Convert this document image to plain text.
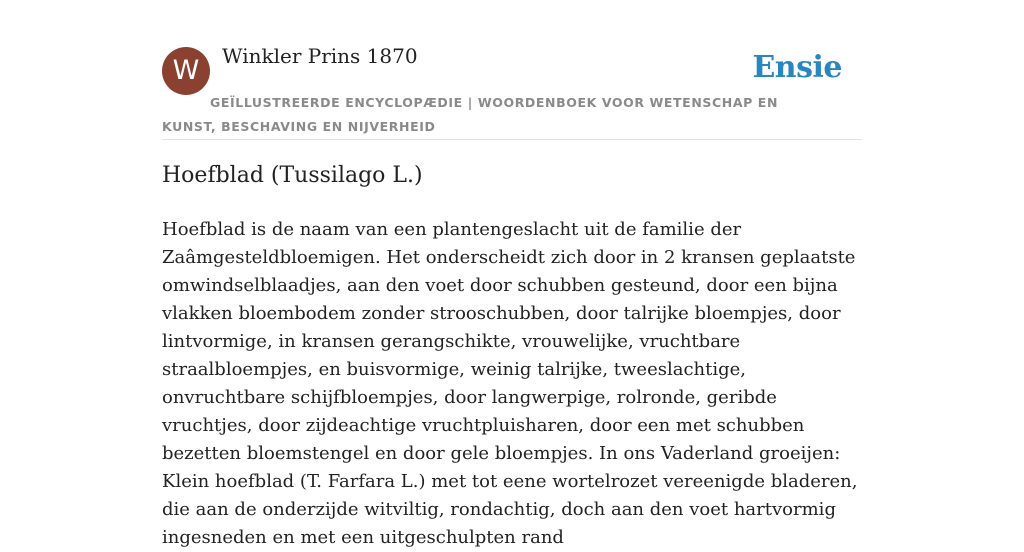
W	Winkler Prins 1870	Ensie
GEÏLLUSTREERDE ENCYCLOPÆDIE | WOORDENBOEK VOOR WETENSCHAP EN KUNST, BESCHAVING EN NIJVERHEID
Hoefblad (Tussilago L.)

Hoefblad is de naam van een plantengeslacht uit de familie der Zaâmgesteldbloemigen. Het onderscheidt zich door in 2 kransen geplaatste omwindselblaadjes, aan den voet door schubben gesteund, door een bijna vlakken bloembodem zonder strooschubben, door talrijke bloempjes, door lintvormige, in kransen gerangschikte, vrouwelijke, vruchtbare straalbloempjes, en buisvormige, weinig talrijke, tweeslachtige, onvruchtbare schijfbloempjes, door langwerpige, rolronde, geribde vruchtjes, door zijdeachtige vruchtpluisharen, door een met schubben bezetten bloemstengel en door gele bloempjes. In ons Vaderland groeijen: Klein hoefblad (T. Farfara L.) met tot eene wortelrozet vereenigde bladeren, die aan de onderzijde witviltig, rondachtig, doch aan den voet hartvormig ingesneden en met een uitgeschulpten rand
